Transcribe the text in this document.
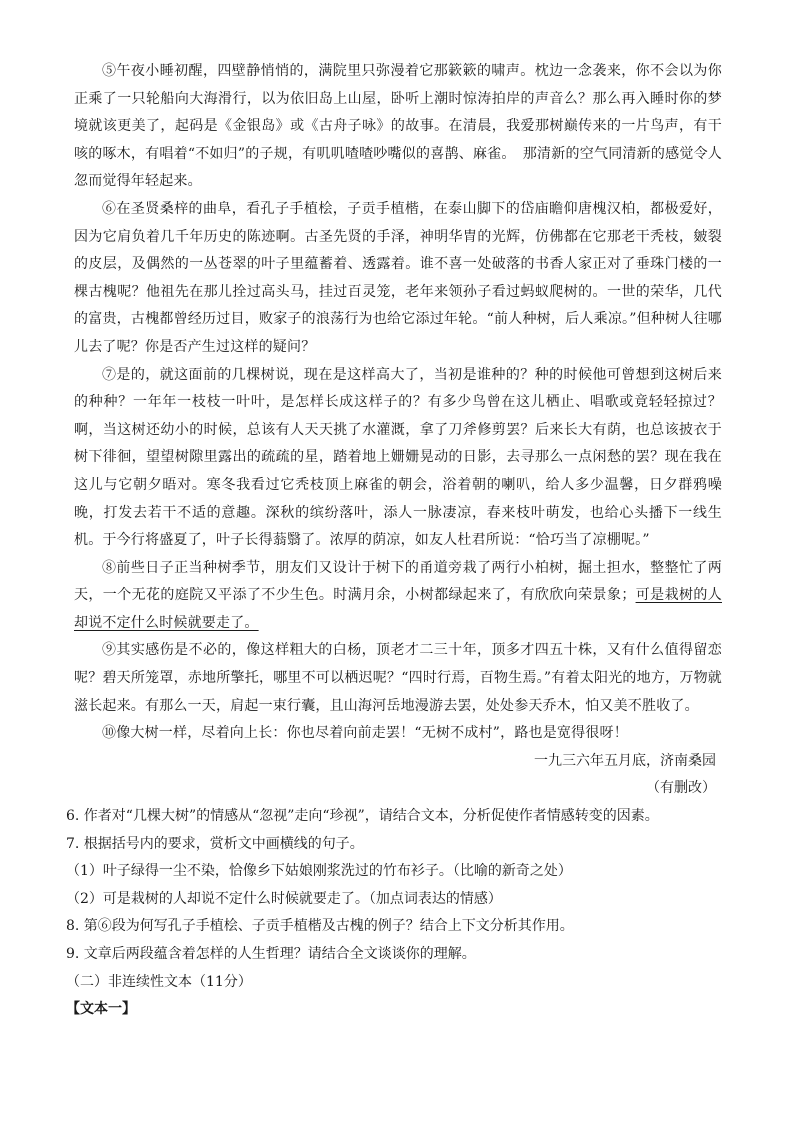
⑤午夜小睡初醒，四壁静悄悄的，满院里只弥漫着它那簌簌的啸声。枕边一念袭来，你不会以为你正乘了一只轮船向大海滑行，以为依旧岛上山屋，卧听上潮时惊涛拍岸的声音么？那么再入睡时你的梦境就该更美了，起码是《金银岛》或《古舟子咏》的故事。在清晨，我爱那树巅传来的一片鸟声，有干咳的啄木，有唱着“不如归”的子规，有叽叽喳喳吵嘴似的喜鹊、麻雀。　那清新的空气同清新的感觉令人忽而觉得年轻起来。

⑥在圣贤桑梓的曲阜，看孔子手植桧，子贡手植楷，在泰山脚下的岱庙瞻仰唐槐汉柏，都极爱好，因为它肩负着几千年历史的陈迹啊。古圣先贤的手泽，神明华胄的光辉，仿佛都在它那老干秃枝，皴裂的皮层，及偶然的一丛苍翠的叶子里蕴蓄着、透露着。谁不喜一处破落的书香人家正对了垂珠门楼的一棵古槐呢？他祖先在那儿拴过高头马，挂过百灵笼，老年来领孙子看过蚂蚁爬树的。一世的荣华，几代的富贵，古槐都曾经历过目，败家子的浪荡行为也给它添过年轮。“前人种树，后人乘凉。”但种树人往哪儿去了呢？你是否产生过这样的疑问？

⑦是的，就这面前的几棵树说，现在是这样高大了，当初是谁种的？种的时候他可曾想到这树后来的种种？一年年一枝枝一叶叶，是怎样长成这样子的？有多少鸟曾在这儿栖止、唱歌或竟轻轻掠过？啊，当这树还幼小的时候，总该有人天天挑了水灌溉，拿了刀斧修剪罢？后来长大有荫，也总该披衣于树下徘徊，望望树隙里露出的疏疏的星，踏着地上姗姗晃动的日影，去寻那么一点闲愁的罢？现在我在这儿与它朝夕晤对。寒冬我看过它秃枝顶上麻雀的朝会，浴着朝的喇叭，给人多少温馨，日夕群鸦噪晚，打发去若干不适的意趣。深秋的缤纷落叶，添人一脉凄凉，春来枝叶萌发，也给心头播下一线生机。于今行将盛夏了，叶子长得蓊翳了。浓厚的荫凉，如友人杜君所说：“恰巧当了凉棚呢。”

⑧前些日子正当种树季节，朋友们又设计于树下的甬道旁栽了两行小柏树，掘土担水，整整忙了两天，一个无花的庭院又平添了不少生色。时满月余，小树都绿起来了，有欣欣向荣景象；可是栽树的人却说不定什么时候就要走了。

⑨其实感伤是不必的，像这样粗大的白杨，顶老才二三十年，顶多才四五十株，又有什么值得留恋呢？碧天所笼罩，赤地所擎托，哪里不可以栖迟呢？“四时行焉，百物生焉。”有着太阳光的地方，万物就滋长起来。有那么一天，肩起一束行囊，且山海河岳地漫游去罢，处处参天乔木，怕又美不胜收了。

⑩像大树一样，尽着向上长：你也尽着向前走罢！“无树不成村”，路也是宽得很呀！

一九三六年五月底，济南桑园

（有删改）

6. 作者对“几棵大树”的情感从“忽视”走向“珍视”，请结合文本，分析促使作者情感转变的因素。

7. 根据括号内的要求，赏析文中画横线的句子。

（1）叶子绿得一尘不染，恰像乡下姑娘刚浆洗过的竹布衫子。（比喻的新奇之处）

（2）可是栽树的人却说不定什么时候就要走了。（加点词表达的情感）

8. 第⑥段为何写孔子手植桧、子贡手植楷及古槐的例子？结合上下文分析其作用。

9. 文章后两段蕴含着怎样的人生哲理？请结合全文谈谈你的理解。

（二）非连续性文本（11分）

【文本一】
